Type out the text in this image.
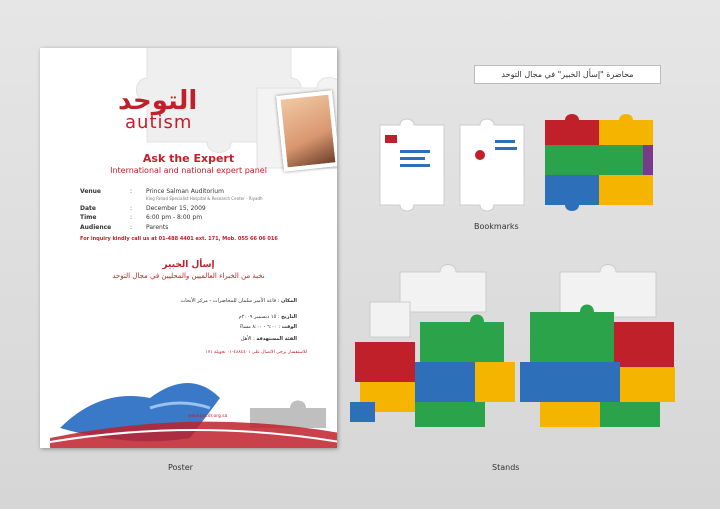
التوحد
autism
Ask the Expert
International and national expert panel
Venue	: Prince Salman Auditorium
King Fahad Specialist Hospital & Research Center - Riyadh
Date	: December 15, 2009
Time	: 6:00 pm - 8:00 pm
Audience	: Parents
For inquiry kindly call us at 01-488 4401 ext. 171, Mob. 055 66 06 016
إسأل الخبير
نخبة من الخبراء العالميين والمحليين في مجال التوحد
المكان : قاعة الأمير سلمان للمحاضرات - مركز الأبحاث
التاريخ : ١٥ ديسمبر ٢٠٠٩م
الوقت : ٦:٠٠ - ٨:٠٠ مساءً
الفئة المستهدفة : الأهل
للاستفسار يرجى الاتصال على ٤٨٨٤٤٠١-٠١ تحويلة ١٧١
www.pscdr.org.sa
محاضرة "إسأل الخبير" في مجال التوحد
Bookmarks
Stands
Poster
